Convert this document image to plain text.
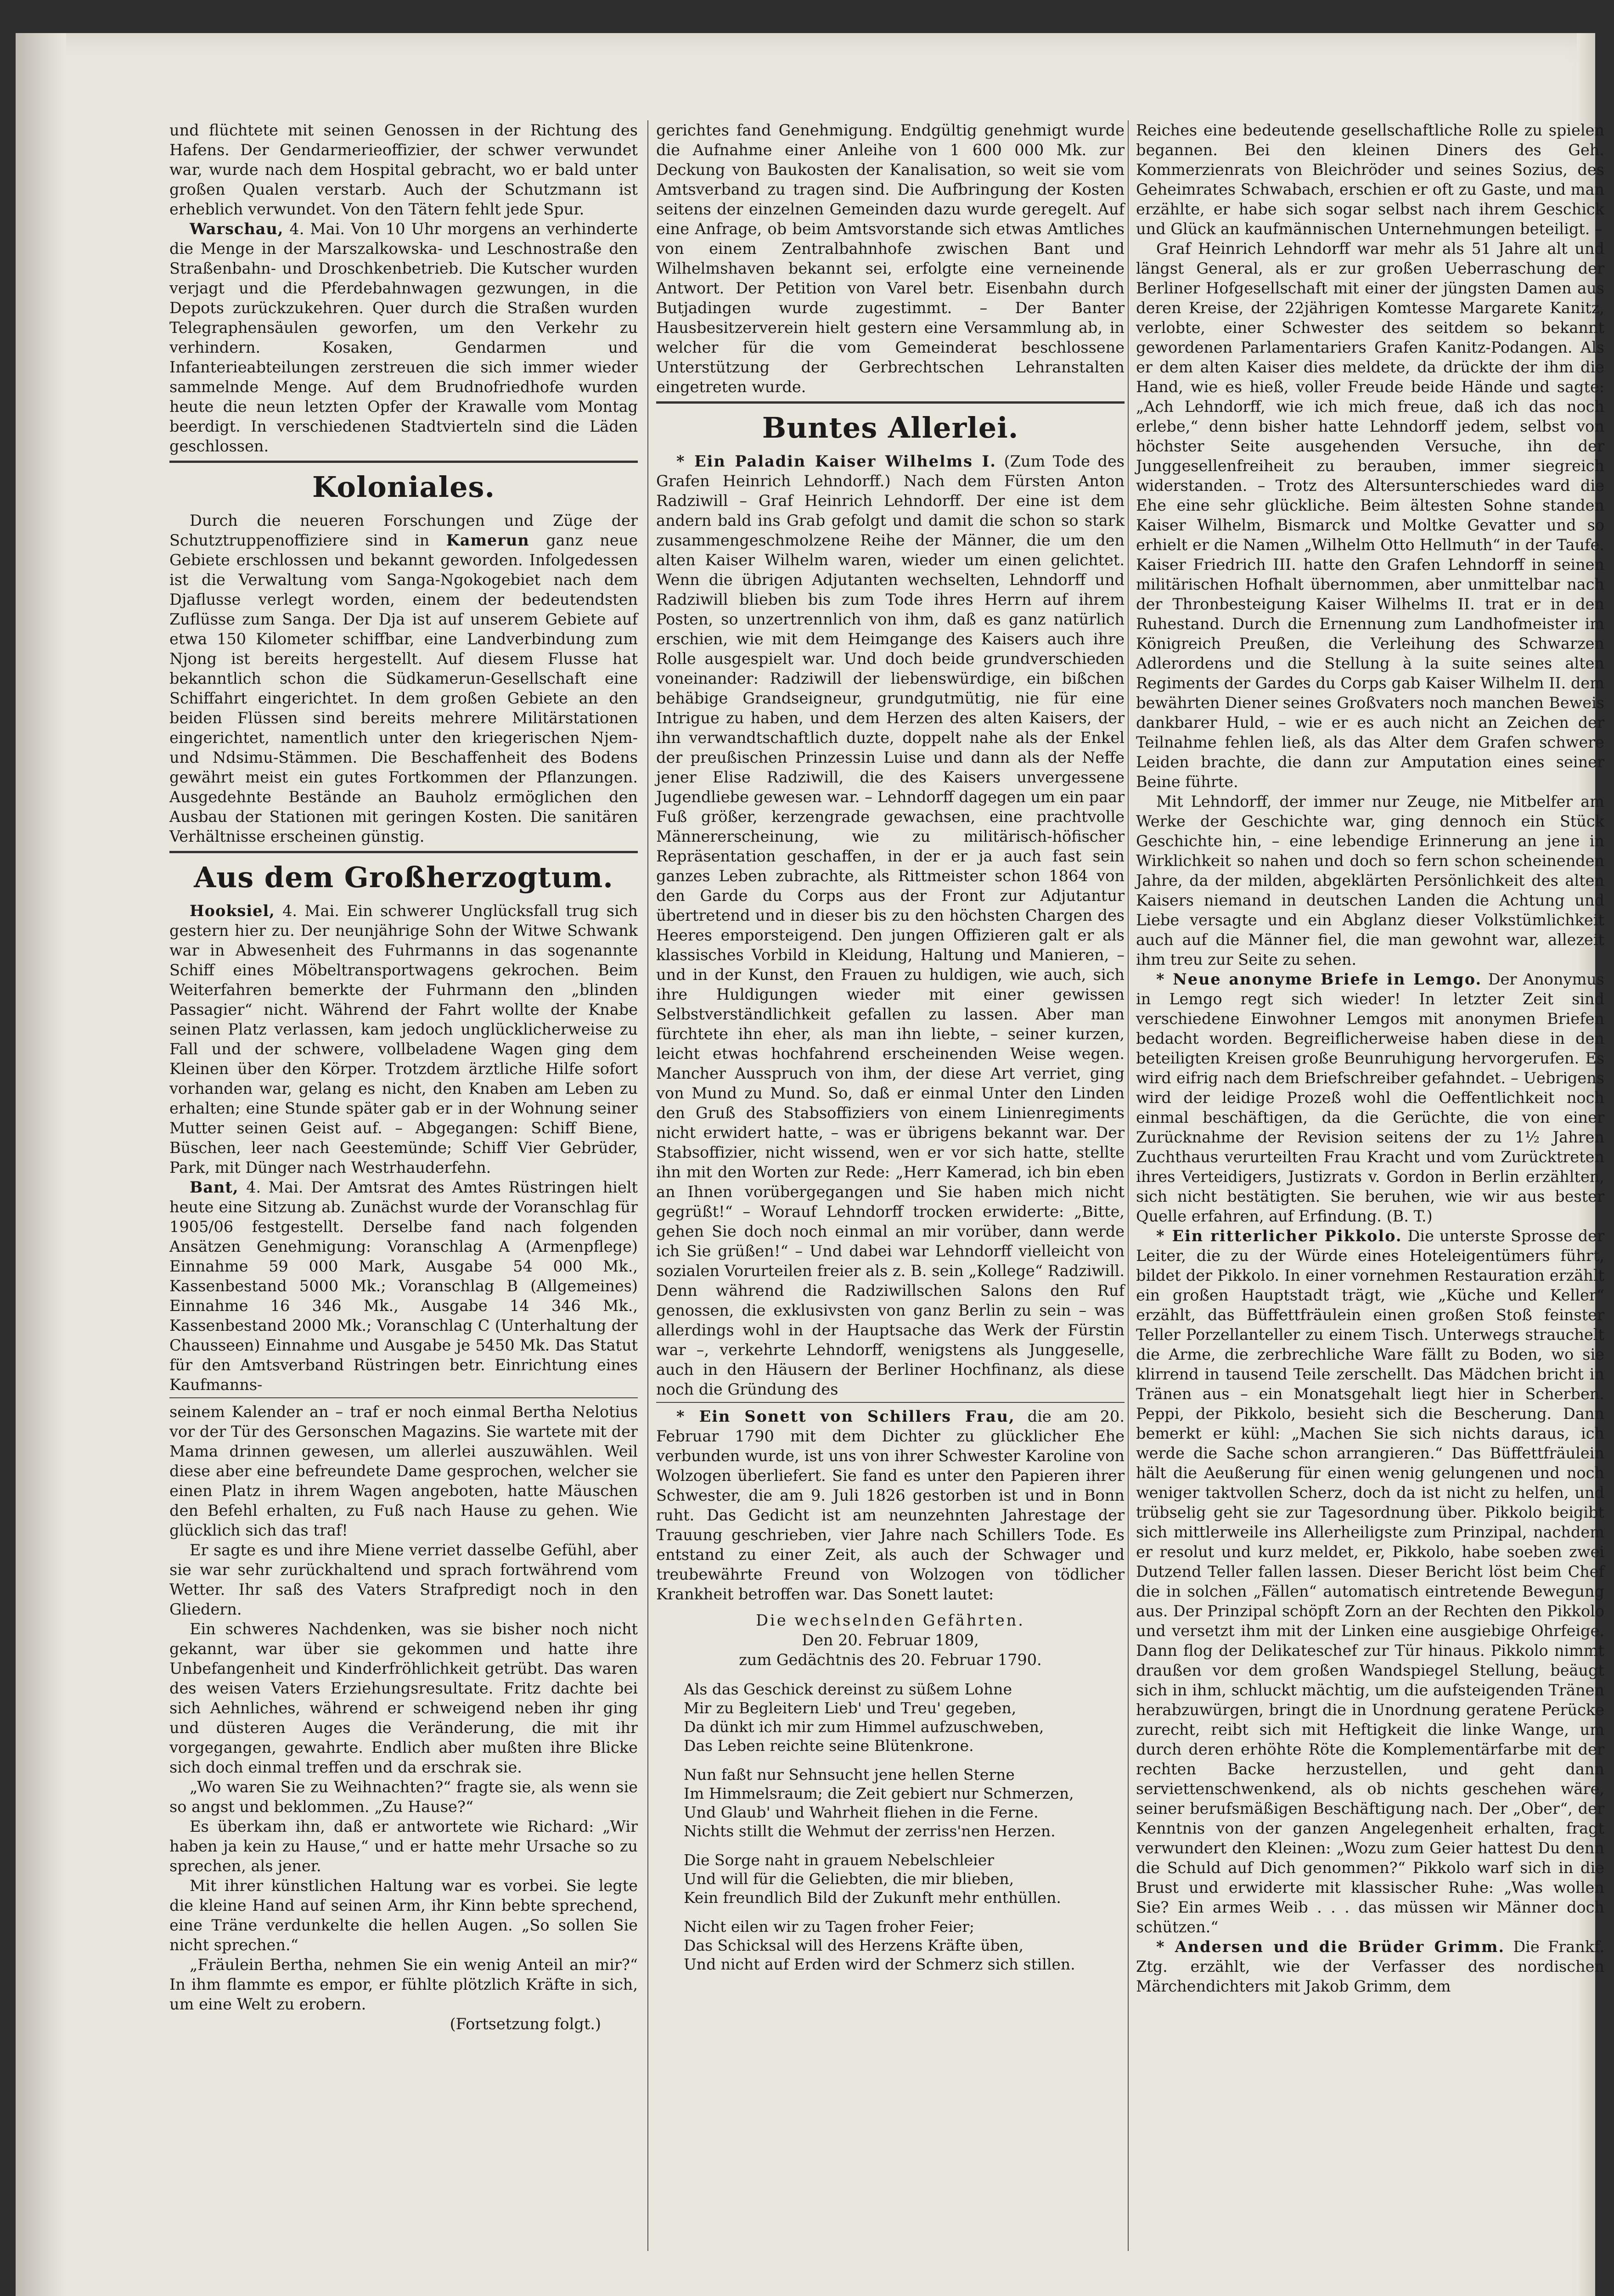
und flüchtete mit seinen Genossen in der Richtung des Hafens. Der Gendarmerieoffizier, der schwer verwundet war, wurde nach dem Hospital gebracht, wo er bald unter großen Qualen verstarb. Auch der Schutzmann ist erheblich verwundet. Von den Tätern fehlt jede Spur.

Warschau, 4. Mai. Von 10 Uhr morgens an verhinderte die Menge in der Marszalkowska- und Leschnostraße den Straßenbahn- und Droschkenbetrieb. Die Kutscher wurden verjagt und die Pferdebahnwagen gezwungen, in die Depots zurückzukehren. Quer durch die Straßen wurden Telegraphensäulen geworfen, um den Verkehr zu verhindern. Kosaken, Gendarmen und Infanterieabteilungen zerstreuen die sich immer wieder sammelnde Menge. Auf dem Brudnofriedhofe wurden heute die neun letzten Opfer der Krawalle vom Montag beerdigt. In verschiedenen Stadtvierteln sind die Läden geschlossen.

Koloniales.

Durch die neueren Forschungen und Züge der Schutztruppenoffiziere sind in Kamerun ganz neue Gebiete erschlossen und bekannt geworden. Infolgedessen ist die Verwaltung vom Sanga-Ngokogebiet nach dem Djaflusse verlegt worden, einem der bedeutendsten Zuflüsse zum Sanga. Der Dja ist auf unserem Gebiete auf etwa 150 Kilometer schiffbar, eine Landverbindung zum Njong ist bereits hergestellt. Auf diesem Flusse hat bekanntlich schon die Südkamerun-Gesellschaft eine Schiffahrt eingerichtet. In dem großen Gebiete an den beiden Flüssen sind bereits mehrere Militärstationen eingerichtet, namentlich unter den kriegerischen Njem- und Ndsimu-Stämmen. Die Beschaffenheit des Bodens gewährt meist ein gutes Fortkommen der Pflanzungen. Ausgedehnte Bestände an Bauholz ermöglichen den Ausbau der Stationen mit geringen Kosten. Die sanitären Verhältnisse erscheinen günstig.

Aus dem Großherzogtum.

Hooksiel, 4. Mai. Ein schwerer Unglücksfall trug sich gestern hier zu. Der neunjährige Sohn der Witwe Schwank war in Abwesenheit des Fuhrmanns in das sogenannte Schiff eines Möbeltransportwagens gekrochen. Beim Weiterfahren bemerkte der Fuhrmann den „blinden Passagier“ nicht. Während der Fahrt wollte der Knabe seinen Platz verlassen, kam jedoch unglücklicherweise zu Fall und der schwere, vollbeladene Wagen ging dem Kleinen über den Körper. Trotzdem ärztliche Hilfe sofort vorhanden war, gelang es nicht, den Knaben am Leben zu erhalten; eine Stunde später gab er in der Wohnung seiner Mutter seinen Geist auf. – Abgegangen: Schiff Biene, Büschen, leer nach Geestemünde; Schiff Vier Gebrüder, Park, mit Dünger nach Westrhauderfehn.

Bant, 4. Mai. Der Amtsrat des Amtes Rüstringen hielt heute eine Sitzung ab. Zunächst wurde der Voranschlag für 1905/06 festgestellt. Derselbe fand nach folgenden Ansätzen Genehmigung: Voranschlag A (Armenpflege) Einnahme 59 000 Mark, Ausgabe 54 000 Mk., Kassenbestand 5000 Mk.; Voranschlag B (Allgemeines) Einnahme 16 346 Mk., Ausgabe 14 346 Mk., Kassenbestand 2000 Mk.; Voranschlag C (Unterhaltung der Chausseen) Einnahme und Ausgabe je 5450 Mk. Das Statut für den Amtsverband Rüstringen betr. Einrichtung eines Kaufmanns-

seinem Kalender an – traf er noch einmal Bertha Nelotius vor der Tür des Gersonschen Magazins. Sie wartete mit der Mama drinnen gewesen, um allerlei auszuwählen. Weil diese aber eine befreundete Dame gesprochen, welcher sie einen Platz in ihrem Wagen angeboten, hatte Mäuschen den Befehl erhalten, zu Fuß nach Hause zu gehen. Wie glücklich sich das traf!

Er sagte es und ihre Miene verriet dasselbe Gefühl, aber sie war sehr zurückhaltend und sprach fortwährend vom Wetter. Ihr saß des Vaters Strafpredigt noch in den Gliedern.

Ein schweres Nachdenken, was sie bisher noch nicht gekannt, war über sie gekommen und hatte ihre Unbefangenheit und Kinderfröhlichkeit getrübt. Das waren des weisen Vaters Erziehungsresultate. Fritz dachte bei sich Aehnliches, während er schweigend neben ihr ging und düsteren Auges die Veränderung, die mit ihr vorgegangen, gewahrte. Endlich aber mußten ihre Blicke sich doch einmal treffen und da erschrak sie.

„Wo waren Sie zu Weihnachten?“ fragte sie, als wenn sie so angst und beklommen. „Zu Hause?“

Es überkam ihn, daß er antwortete wie Richard: „Wir haben ja kein zu Hause,“ und er hatte mehr Ursache so zu sprechen, als jener.

Mit ihrer künstlichen Haltung war es vorbei. Sie legte die kleine Hand auf seinen Arm, ihr Kinn bebte sprechend, eine Träne verdunkelte die hellen Augen. „So sollen Sie nicht sprechen.“

„Fräulein Bertha, nehmen Sie ein wenig Anteil an mir?“ In ihm flammte es empor, er fühlte plötzlich Kräfte in sich, um eine Welt zu erobern.

(Fortsetzung folgt.)

gerichtes fand Genehmigung. Endgültig genehmigt wurde die Aufnahme einer Anleihe von 1 600 000 Mk. zur Deckung von Baukosten der Kanalisation, so weit sie vom Amtsverband zu tragen sind. Die Aufbringung der Kosten seitens der einzelnen Gemeinden dazu wurde geregelt. Auf eine Anfrage, ob beim Amtsvorstande sich etwas Amtliches von einem Zentralbahnhofe zwischen Bant und Wilhelmshaven bekannt sei, erfolgte eine verneinende Antwort. Der Petition von Varel betr. Eisenbahn durch Butjadingen wurde zugestimmt. – Der Banter Hausbesitzerverein hielt gestern eine Versammlung ab, in welcher für die vom Gemeinderat beschlossene Unterstützung der Gerbrechtschen Lehranstalten eingetreten wurde.

Buntes Allerlei.

* Ein Paladin Kaiser Wilhelms I. (Zum Tode des Grafen Heinrich Lehndorff.) Nach dem Fürsten Anton Radziwill – Graf Heinrich Lehndorff. Der eine ist dem andern bald ins Grab gefolgt und damit die schon so stark zusammengeschmolzene Reihe der Männer, die um den alten Kaiser Wilhelm waren, wieder um einen gelichtet. Wenn die übrigen Adjutanten wechselten, Lehndorff und Radziwill blieben bis zum Tode ihres Herrn auf ihrem Posten, so unzertrennlich von ihm, daß es ganz natürlich erschien, wie mit dem Heimgange des Kaisers auch ihre Rolle ausgespielt war. Und doch beide grundverschieden voneinander: Radziwill der liebenswürdige, ein bißchen behäbige Grandseigneur, grundgutmütig, nie für eine Intrigue zu haben, und dem Herzen des alten Kaisers, der ihn verwandtschaftlich duzte, doppelt nahe als der Enkel der preußischen Prinzessin Luise und dann als der Neffe jener Elise Radziwill, die des Kaisers unvergessene Jugendliebe gewesen war. – Lehndorff dagegen um ein paar Fuß größer, kerzengrade gewachsen, eine prachtvolle Männererscheinung, wie zu militärisch-höfischer Repräsentation geschaffen, in der er ja auch fast sein ganzes Leben zubrachte, als Rittmeister schon 1864 von den Garde du Corps aus der Front zur Adjutantur übertretend und in dieser bis zu den höchsten Chargen des Heeres emporsteigend. Den jungen Offizieren galt er als klassisches Vorbild in Kleidung, Haltung und Manieren, – und in der Kunst, den Frauen zu huldigen, wie auch, sich ihre Huldigungen wieder mit einer gewissen Selbstverständlichkeit gefallen zu lassen. Aber man fürchtete ihn eher, als man ihn liebte, – seiner kurzen, leicht etwas hochfahrend erscheinenden Weise wegen. Mancher Ausspruch von ihm, der diese Art verriet, ging von Mund zu Mund. So, daß er einmal Unter den Linden den Gruß des Stabsoffiziers von einem Linienregiments nicht erwidert hatte, – was er übrigens bekannt war. Der Stabsoffizier, nicht wissend, wen er vor sich hatte, stellte ihn mit den Worten zur Rede: „Herr Kamerad, ich bin eben an Ihnen vorübergegangen und Sie haben mich nicht gegrüßt!“ – Worauf Lehndorff trocken erwiderte: „Bitte, gehen Sie doch noch einmal an mir vorüber, dann werde ich Sie grüßen!“ – Und dabei war Lehndorff vielleicht von sozialen Vorurteilen freier als z. B. sein „Kollege“ Radziwill. Denn während die Radziwillschen Salons den Ruf genossen, die exklusivsten von ganz Berlin zu sein – was allerdings wohl in der Hauptsache das Werk der Fürstin war –, verkehrte Lehndorff, wenigstens als Junggeselle, auch in den Häusern der Berliner Hochfinanz, als diese noch die Gründung des

* Ein Sonett von Schillers Frau, die am 20. Februar 1790 mit dem Dichter zu glücklicher Ehe verbunden wurde, ist uns von ihrer Schwester Karoline von Wolzogen überliefert. Sie fand es unter den Papieren ihrer Schwester, die am 9. Juli 1826 gestorben ist und in Bonn ruht. Das Gedicht ist am neunzehnten Jahrestage der Trauung geschrieben, vier Jahre nach Schillers Tode. Es entstand zu einer Zeit, als auch der Schwager und treubewährte Freund von Wolzogen von tödlicher Krankheit betroffen war. Das Sonett lautet:

Die wechselnden Gefährten.

Den 20. Februar 1809,

zum Gedächtnis des 20. Februar 1790.

Als das Geschick dereinst zu süßem Lohne
Mir zu Begleitern Lieb' und Treu' gegeben,
Da dünkt ich mir zum Himmel aufzuschweben,
Das Leben reichte seine Blütenkrone.
Nun faßt nur Sehnsucht jene hellen Sterne
Im Himmelsraum; die Zeit gebiert nur Schmerzen,
Und Glaub' und Wahrheit fliehen in die Ferne.
Nichts stillt die Wehmut der zerriss'nen Herzen.
Die Sorge naht in grauem Nebelschleier
Und will für die Geliebten, die mir blieben,
Kein freundlich Bild der Zukunft mehr enthüllen.
Nicht eilen wir zu Tagen froher Feier;
Das Schicksal will des Herzens Kräfte üben,
Und nicht auf Erden wird der Schmerz sich stillen.

Reiches eine bedeutende gesellschaftliche Rolle zu spielen begannen. Bei den kleinen Diners des Geh. Kommerzienrats von Bleichröder und seines Sozius, des Geheimrates Schwabach, erschien er oft zu Gaste, und man erzählte, er habe sich sogar selbst nach ihrem Geschick und Glück an kaufmännischen Unternehmungen beteiligt. –

Graf Heinrich Lehndorff war mehr als 51 Jahre alt und längst General, als er zur großen Ueberraschung der Berliner Hofgesellschaft mit einer der jüngsten Damen aus deren Kreise, der 22jährigen Komtesse Margarete Kanitz, verlobte, einer Schwester des seitdem so bekannt gewordenen Parlamentariers Grafen Kanitz-Podangen. Als er dem alten Kaiser dies meldete, da drückte der ihm die Hand, wie es hieß, voller Freude beide Hände und sagte: „Ach Lehndorff, wie ich mich freue, daß ich das noch erlebe,“ denn bisher hatte Lehndorff jedem, selbst von höchster Seite ausgehenden Versuche, ihn der Junggesellenfreiheit zu berauben, immer siegreich widerstanden. – Trotz des Altersunterschiedes ward die Ehe eine sehr glückliche. Beim ältesten Sohne standen Kaiser Wilhelm, Bismarck und Moltke Gevatter und so erhielt er die Namen „Wilhelm Otto Hellmuth“ in der Taufe. Kaiser Friedrich III. hatte den Grafen Lehndorff in seinen militärischen Hofhalt übernommen, aber unmittelbar nach der Thronbesteigung Kaiser Wilhelms II. trat er in den Ruhestand. Durch die Ernennung zum Landhofmeister im Königreich Preußen, die Verleihung des Schwarzen Adlerordens und die Stellung à la suite seines alten Regiments der Gardes du Corps gab Kaiser Wilhelm II. dem bewährten Diener seines Großvaters noch manchen Beweis dankbarer Huld, – wie er es auch nicht an Zeichen der Teilnahme fehlen ließ, als das Alter dem Grafen schwere Leiden brachte, die dann zur Amputation eines seiner Beine führte.

Mit Lehndorff, der immer nur Zeuge, nie Mitbelfer am Werke der Geschichte war, ging dennoch ein Stück Geschichte hin, – eine lebendige Erinnerung an jene in Wirklichkeit so nahen und doch so fern schon scheinenden Jahre, da der milden, abgeklärten Persönlichkeit des alten Kaisers niemand in deutschen Landen die Achtung und Liebe versagte und ein Abglanz dieser Volkstümlichkeit auch auf die Männer fiel, die man gewohnt war, allezeit ihm treu zur Seite zu sehen.

* Neue anonyme Briefe in Lemgo. Der Anonymus in Lemgo regt sich wieder! In letzter Zeit sind verschiedene Einwohner Lemgos mit anonymen Briefen bedacht worden. Begreiflicherweise haben diese in den beteiligten Kreisen große Beunruhigung hervorgerufen. Es wird eifrig nach dem Briefschreiber gefahndet. – Uebrigens wird der leidige Prozeß wohl die Oeffentlichkeit noch einmal beschäftigen, da die Gerüchte, die von einer Zurücknahme der Revision seitens der zu 1½ Jahren Zuchthaus verurteilten Frau Kracht und vom Zurücktreten ihres Verteidigers, Justizrats v. Gordon in Berlin erzählten, sich nicht bestätigten. Sie beruhen, wie wir aus bester Quelle erfahren, auf Erfindung. (B. T.)

* Ein ritterlicher Pikkolo. Die unterste Sprosse der Leiter, die zu der Würde eines Hoteleigentümers führt, bildet der Pikkolo. In einer vornehmen Restauration erzählt ein großen Hauptstadt trägt, wie „Küche und Keller“ erzählt, das Büffettfräulein einen großen Stoß feinster Teller Porzellanteller zu einem Tisch. Unterwegs strauchelt die Arme, die zerbrechliche Ware fällt zu Boden, wo sie klirrend in tausend Teile zerschellt. Das Mädchen bricht in Tränen aus – ein Monatsgehalt liegt hier in Scherben. Peppi, der Pikkolo, besieht sich die Bescherung. Dann bemerkt er kühl: „Machen Sie sich nichts daraus, ich werde die Sache schon arrangieren.“ Das Büffettfräulein hält die Aeußerung für einen wenig gelungenen und noch weniger taktvollen Scherz, doch da ist nicht zu helfen, und trübselig geht sie zur Tagesordnung über. Pikkolo beigibt sich mittlerweile ins Allerheiligste zum Prinzipal, nachdem er resolut und kurz meldet, er, Pikkolo, habe soeben zwei Dutzend Teller fallen lassen. Dieser Bericht löst beim Chef die in solchen „Fällen“ automatisch eintretende Bewegung aus. Der Prinzipal schöpft Zorn an der Rechten den Pikkolo und versetzt ihm mit der Linken eine ausgiebige Ohrfeige. Dann flog der Delikateschef zur Tür hinaus. Pikkolo nimmt draußen vor dem großen Wandspiegel Stellung, beäugt sich in ihm, schluckt mächtig, um die aufsteigenden Tränen herabzuwürgen, bringt die in Unordnung geratene Perücke zurecht, reibt sich mit Heftigkeit die linke Wange, um durch deren erhöhte Röte die Komplementärfarbe mit der rechten Backe herzustellen, und geht dann serviettenschwenkend, als ob nichts geschehen wäre, seiner berufsmäßigen Beschäftigung nach. Der „Ober“, der Kenntnis von der ganzen Angelegenheit erhalten, fragt verwundert den Kleinen: „Wozu zum Geier hattest Du denn die Schuld auf Dich genommen?“ Pikkolo warf sich in die Brust und erwiderte mit klassischer Ruhe: „Was wollen Sie? Ein armes Weib . . . das müssen wir Männer doch schützen.“

* Andersen und die Brüder Grimm. Die Frankf. Ztg. erzählt, wie der Verfasser des nordischen Märchendichters mit Jakob Grimm, dem
